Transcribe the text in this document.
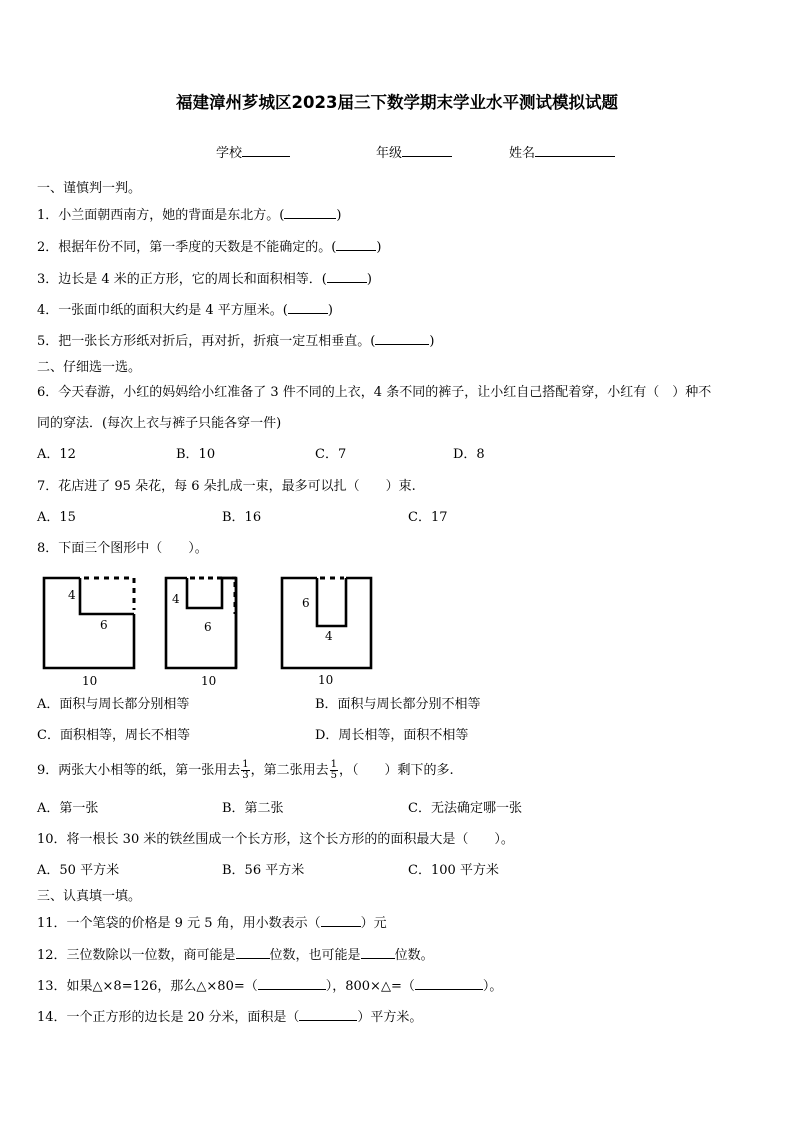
福建漳州芗城区2023届三下数学期末学业水平测试模拟试题
学校	年级	姓名
一、谨慎判一判。
1．小兰面朝西南方，她的背面是东北方。(	)
2．根据年份不同，第一季度的天数是不能确定的。(	)
3．边长是 4 米的正方形，它的周长和面积相等．(	)
4．一张面巾纸的面积大约是 4 平方厘米。(	)
5．把一张长方形纸对折后，再对折，折痕一定互相垂直。(	)
二、仔细选一选。
6．今天春游，小红的妈妈给小红准备了 3 件不同的上衣，4 条不同的裤子，让小红自己搭配着穿，小红有（　）种不
同的穿法．(每次上衣与裤子只能各穿一件)
A．12	B．10	C．7	D．8
7．花店进了 95 朵花，每 6 朵扎成一束，最多可以扎（　　）束.
A．15	B．16	C．17
8．下面三个图形中（　　）。
4
6
10
4
6
10
6
4
10
A．面积与周长都分别相等	B．面积与周长都分别不相等
C．面积相等，周长不相等	D．周长相等，面积不相等
9．两张大小相等的纸，第一张用去 $\frac{1}{3}$ ，第二张用去 $\frac{1}{5}$ ，（　　）剩下的多.
A．第一张	B．第二张	C．无法确定哪一张
10．将一根长 30 米的铁丝围成一个长方形，这个长方形的的面积最大是（　　）。
A．50 平方米	B．56 平方米	C．100 平方米
三、认真填一填。
11．一个笔袋的价格是 9 元 5 角，用小数表示（	）元
12．三位数除以一位数，商可能是	位数，也可能是	位数。
13．如果△×8=126，那么△×80=（	），800×△=（	）。
14．一个正方形的边长是 20 分米，面积是（	）平方米。
